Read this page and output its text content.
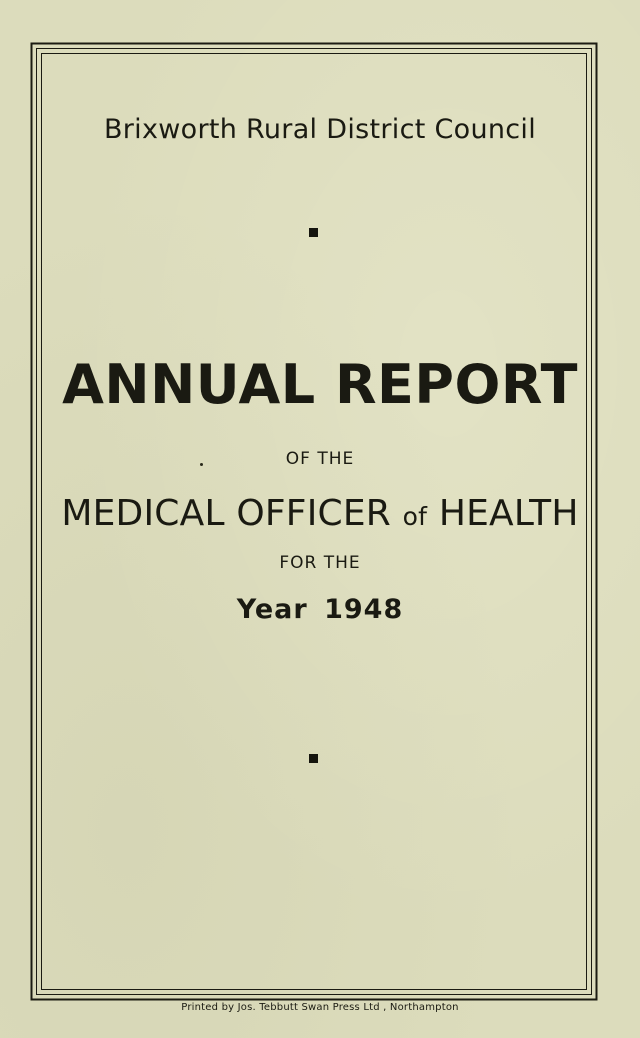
Brixworth Rural District Council
ANNUAL REPORT
OF THE
MEDICAL OFFICER of HEALTH
FOR THE
Year 1948
Printed by Jos. Tebbutt Swan Press Ltd , Northampton
